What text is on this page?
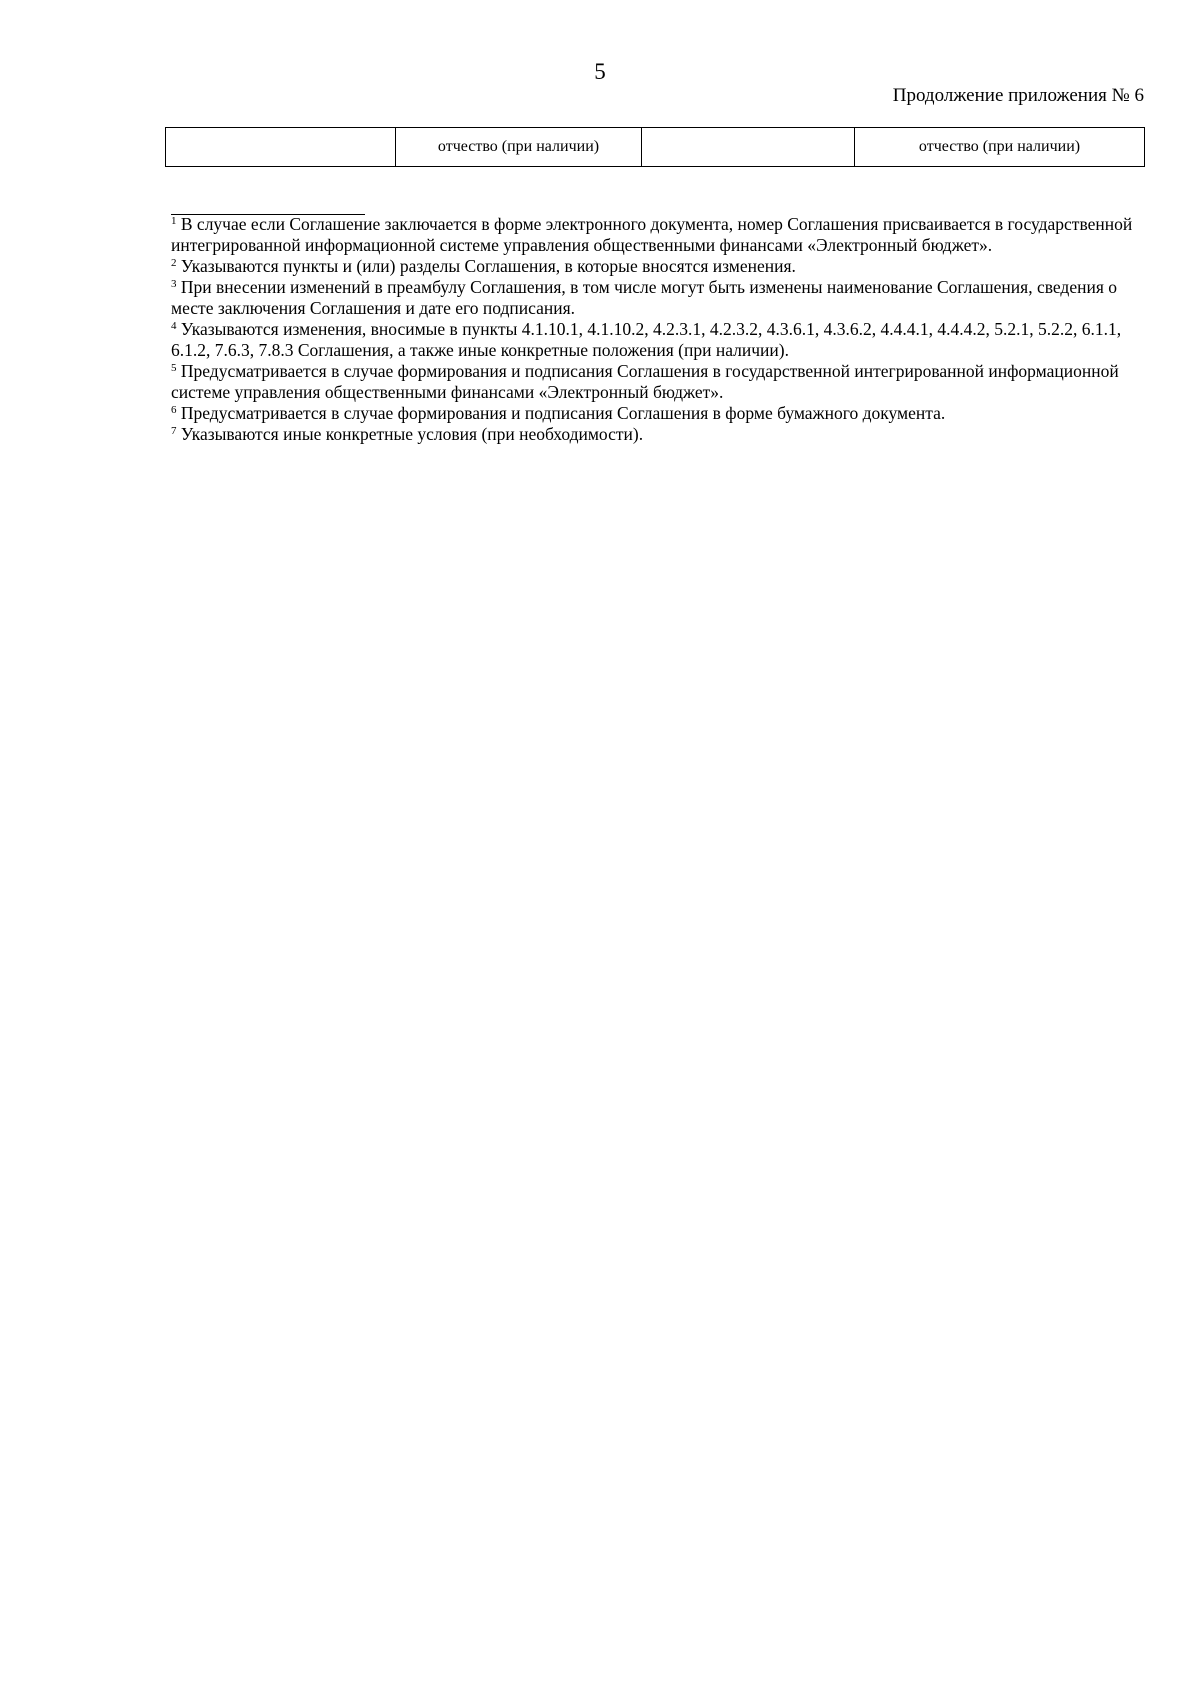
5
Продолжение приложения № 6
	отчество (при наличии)		отчество (при наличии)

$^1$ В случае если Соглашение заключается в форме электронного документа, номер Соглашения присваивается в государственной интегрированной информационной системе управления общественными финансами «Электронный бюджет».

$^2$ Указываются пункты и (или) разделы Соглашения, в которые вносятся изменения.

$^3$ При внесении изменений в преамбулу Соглашения, в том числе могут быть изменены наименование Соглашения, сведения о месте заключения Соглашения и дате его подписания.

$^4$ Указываются изменения, вносимые в пункты 4.1.10.1, 4.1.10.2, 4.2.3.1, 4.2.3.2, 4.3.6.1, 4.3.6.2, 4.4.4.1, 4.4.4.2, 5.2.1, 5.2.2, 6.1.1, 6.1.2, 7.6.3, 7.8.3 Соглашения, а также иные конкретные положения (при наличии).

$^5$ Предусматривается в случае формирования и подписания Соглашения в государственной интегрированной информационной системе управления общественными финансами «Электронный бюджет».

$^6$ Предусматривается в случае формирования и подписания Соглашения в форме бумажного документа.

$^7$ Указываются иные конкретные условия (при необходимости).
